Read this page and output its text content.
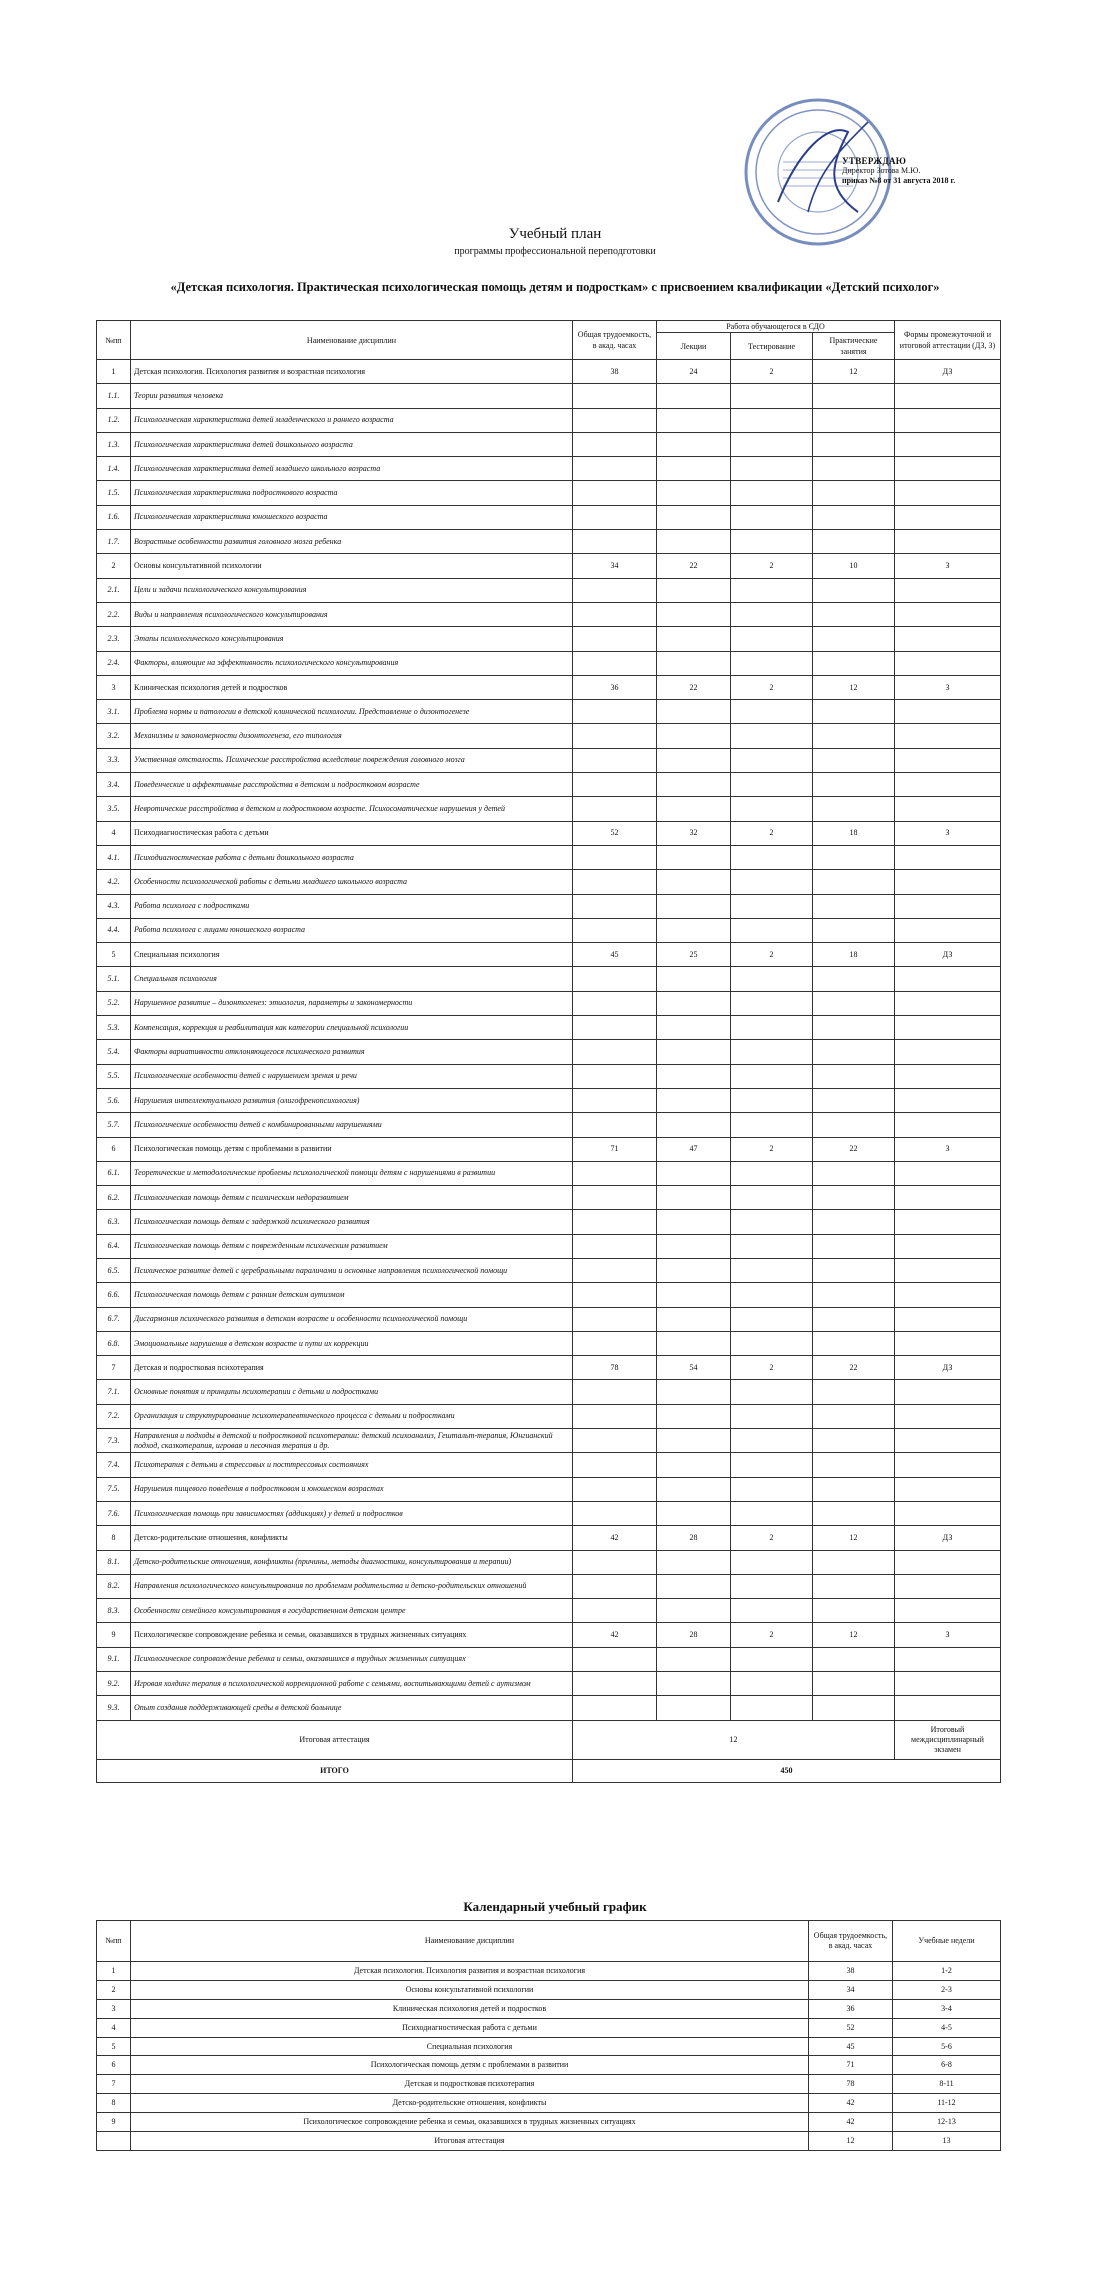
УТВЕРЖДАЮ
Директор Зотова М.Ю.
приказ №8 от 31 августа 2018 г.
Учебный план
программы профессиональной переподготовки
«Детская психология. Практическая психологическая помощь детям и подросткам» с присвоением квалификации «Детский психолог»
№пп	Наименование дисциплин	Общая трудоемкость, в акад. часах	Работа обучающегося в СДО			Формы промежуточной и итоговой аттестации (ДЗ, З)
			Лекции	Тестирование	Практические занятия	
1	Детская психология. Психология развития и возрастная психология	38	24	2	12	ДЗ
1.1.	Теории развития человека					
1.2.	Психологическая характеристика детей младенческого и раннего возраста					
1.3.	Психологическая характеристика детей дошкольного возраста					
1.4.	Психологическая характеристика детей младшего школьного возраста					
1.5.	Психологическая характеристика подросткового возраста					
1.6.	Психологическая характеристика юношеского возраста					
1.7.	Возрастные особенности развития головного мозга ребенка					
2	Основы консультативной психологии	34	22	2	10	З
2.1.	Цели и задачи психологического консультирования					
2.2.	Виды и направления психологического консультирования					
2.3.	Этапы психологического консультирования					
2.4.	Факторы, влияющие на эффективность психологического консультирования					
3	Клиническая психология детей и подростков	36	22	2	12	З
3.1.	Проблема нормы и патологии в детской клинической психологии. Представление о дизонтогенезе					
3.2.	Механизмы и закономерности дизонтогенеза, его типология					
3.3.	Умственная отсталость. Психические расстройства вследствие повреждения головного мозга					
3.4.	Поведенческие и аффективные расстройства в детском и подростковом возрасте					
3.5.	Невротические расстройства в детском и подростковом возрасте. Психосоматические нарушения у детей					
4	Психодиагностическая работа с детьми	52	32	2	18	З
4.1.	Психодиагностическая работа с детьми дошкольного возраста					
4.2.	Особенности психологической работы с детьми младшего школьного возраста					
4.3.	Работа психолога с подростками					
4.4.	Работа психолога с лицами юношеского возраста					
5	Специальная психология	45	25	2	18	ДЗ
5.1.	Специальная психология					
5.2.	Нарушенное развитие – дизонтогенез: этиология, параметры и закономерности					
5.3.	Компенсация, коррекция и реабилитация как категории специальной психологии					
5.4.	Факторы вариативности отклоняющегося психического развития					
5.5.	Психологические особенности детей с нарушением зрения и речи					
5.6.	Нарушения интеллектуального развития (олигофренопсихология)					
5.7.	Психологические особенности детей с комбинированными нарушениями					
6	Психологическая помощь детям с проблемами в развитии	71	47	2	22	З
6.1.	Теоретические и методологические проблемы психологической помощи детям с нарушениями в развитии					
6.2.	Психологическая помощь детям с психическим недоразвитием					
6.3.	Психологическая помощь детям с задержкой психического развития					
6.4.	Психологическая помощь детям с поврежденным психическим развитием					
6.5.	Психическое развитие детей с церебральными параличами и основные направления психологической помощи					
6.6.	Психологическая помощь детям с ранним детским аутизмом					
6.7.	Дисгармония психического развития в детском возрасте и особенности психологической помощи					
6.8.	Эмоциональные нарушения в детском возрасте и пути их коррекции					
7	Детская и подростковая психотерапия	78	54	2	22	ДЗ
7.1.	Основные понятия и принципы психотерапии с детьми и подростками					
7.2.	Организация и структурирование психотерапевтического процесса с детьми и подростками					
7.3.	Направления и подходы в детской и подростковой психотерапии: детский психоанализ, Гештальт-терапия, Юнгианский подход, сказкотерапия, игровая и песочная терапия и др.					
7.4.	Психотерапия с детьми в стрессовых и посттрессовых состояниях					
7.5.	Нарушения пищевого поведения в подростковом и юношеском возрастах					
7.6.	Психологическая помощь при зависимостях (аддикциях) у детей и подростков					
8	Детско-родительские отношения, конфликты	42	28	2	12	ДЗ
8.1.	Детско-родительские отношения, конфликты (причины, методы диагностики, консультирования и терапии)					
8.2.	Направления психологического консультирования по проблемам родительства и детско-родительских отношений					
8.3.	Особенности семейного консультирования в государственном детском центре					
9	Психологическое сопровождение ребенка и семьи, оказавшихся в трудных жизненных ситуациях	42	28	2	12	З
9.1.	Психологическое сопровождение ребенка и семьи, оказавшихся в трудных жизненных ситуациях					
9.2.	Игровая холдинг терапия в психологической коррекционной работе с семьями, воспитывающими детей с аутизмом					
9.3.	Опыт создания поддерживающей среды в детской больнице					
Итоговая аттестация		12				Итоговый междисциплинарный экзамен
ИТОГО		450				
Календарный учебный график
№пп	Наименование дисциплин	Общая трудоемкость, в акад. часах	Учебные недели
1	Детская психология. Психология развития и возрастная психология	38	1-2
2	Основы консультативной психологии	34	2-3
3	Клиническая психология детей и подростков	36	3-4
4	Психодиагностическая работа с детьми	52	4-5
5	Специальная психология	45	5-6
6	Психологическая помощь детям с проблемами в развитии	71	6-8
7	Детская и подростковая психотерапия	78	8-11
8	Детско-родительские отношения, конфликты	42	11-12
9	Психологическое сопровождение ребенка и семьи, оказавшихся в трудных жизненных ситуациях	42	12-13
	Итоговая аттестация	12	13
